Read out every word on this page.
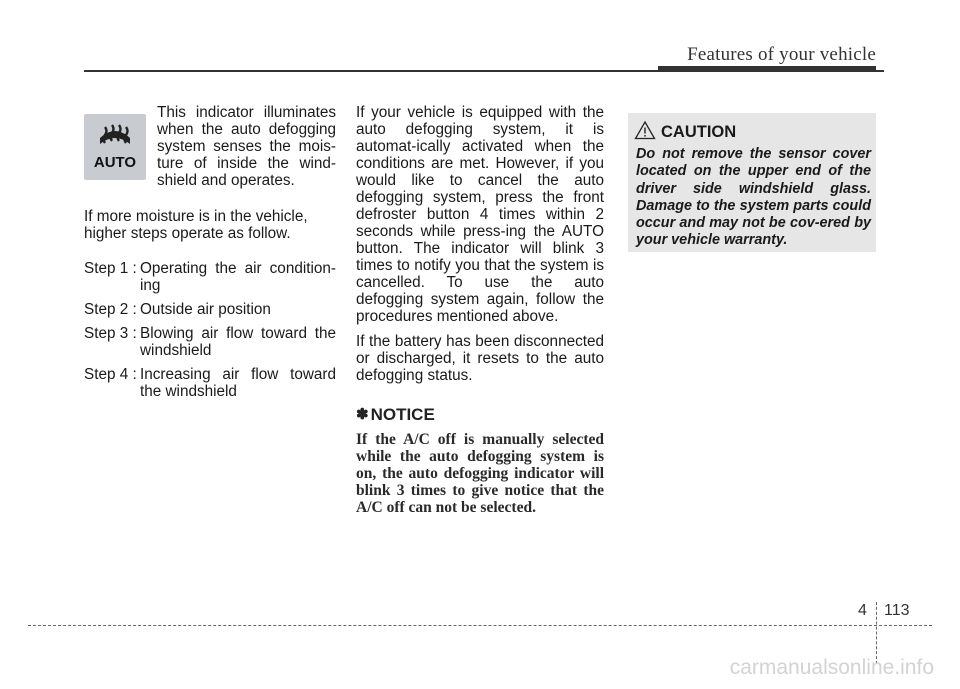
Features of your vehicle
AUTO

This indicator illuminates when the auto defogging system senses the mois-ture of inside the wind-shield and operates.

If more moisture is in the vehicle, higher steps operate as follow.

Step 1 : Operating the air condition-ing
Step 2 : Outside air position
Step 3 : Blowing air flow toward the windshield
Step 4 : Increasing air flow toward the windshield

If your vehicle is equipped with the auto defogging system, it is automat-ically activated when the conditions are met. However, if you would like to cancel the auto defogging system, press the front defroster button 4 times within 2 seconds while press-ing the AUTO button. The indicator will blink 3 times to notify you that the system is cancelled. To use the auto defogging system again, follow the procedures mentioned above.

If the battery has been disconnected or discharged, it resets to the auto defogging status.

✽ NOTICE

If the A/C off is manually selected while the auto defogging system is on, the auto defogging indicator will blink 3 times to give notice that the A/C off can not be selected.

CAUTION

Do not remove the sensor cover located on the upper end of the driver side windshield glass. Damage to the system parts could occur and may not be cov-ered by your vehicle warranty.

4 113
carmanualsonline.info
